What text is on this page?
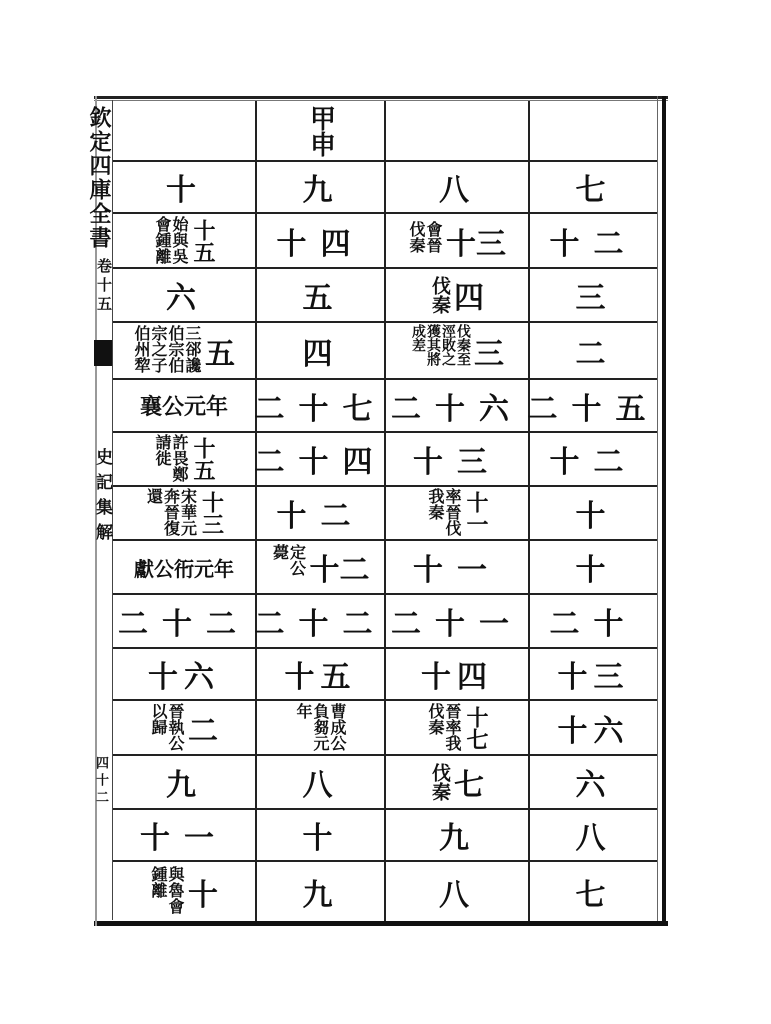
欽定四庫全書
卷十五
史記集解
四十二
十
十五
始與吳會鍾離
六
五
三郤讒伯宗伯宗之子伯州犂
襄公元年
十五
許畏鄭請徙
十三
宋華元奔晉復還
獻公衎元年
二十二
十六
二
晉執公以歸
九
十一
十
與魯會鍾離
甲申
九
十四
五
四
二十七
二十四
十二
十二
定公薨
二十二
十五
曹成公負芻元年
八
十
九
八
十三
會晉伐秦
四
伐秦
三
伐秦至涇敗之獲其將成差
二十六
十三
十一
率晉伐我秦
十一
二十一
十四
十七
晉率我伐秦
七
伐秦
九
八
七
十二
三
二
二十五
十二
十
十
二十
十三
十六
六
八
七
